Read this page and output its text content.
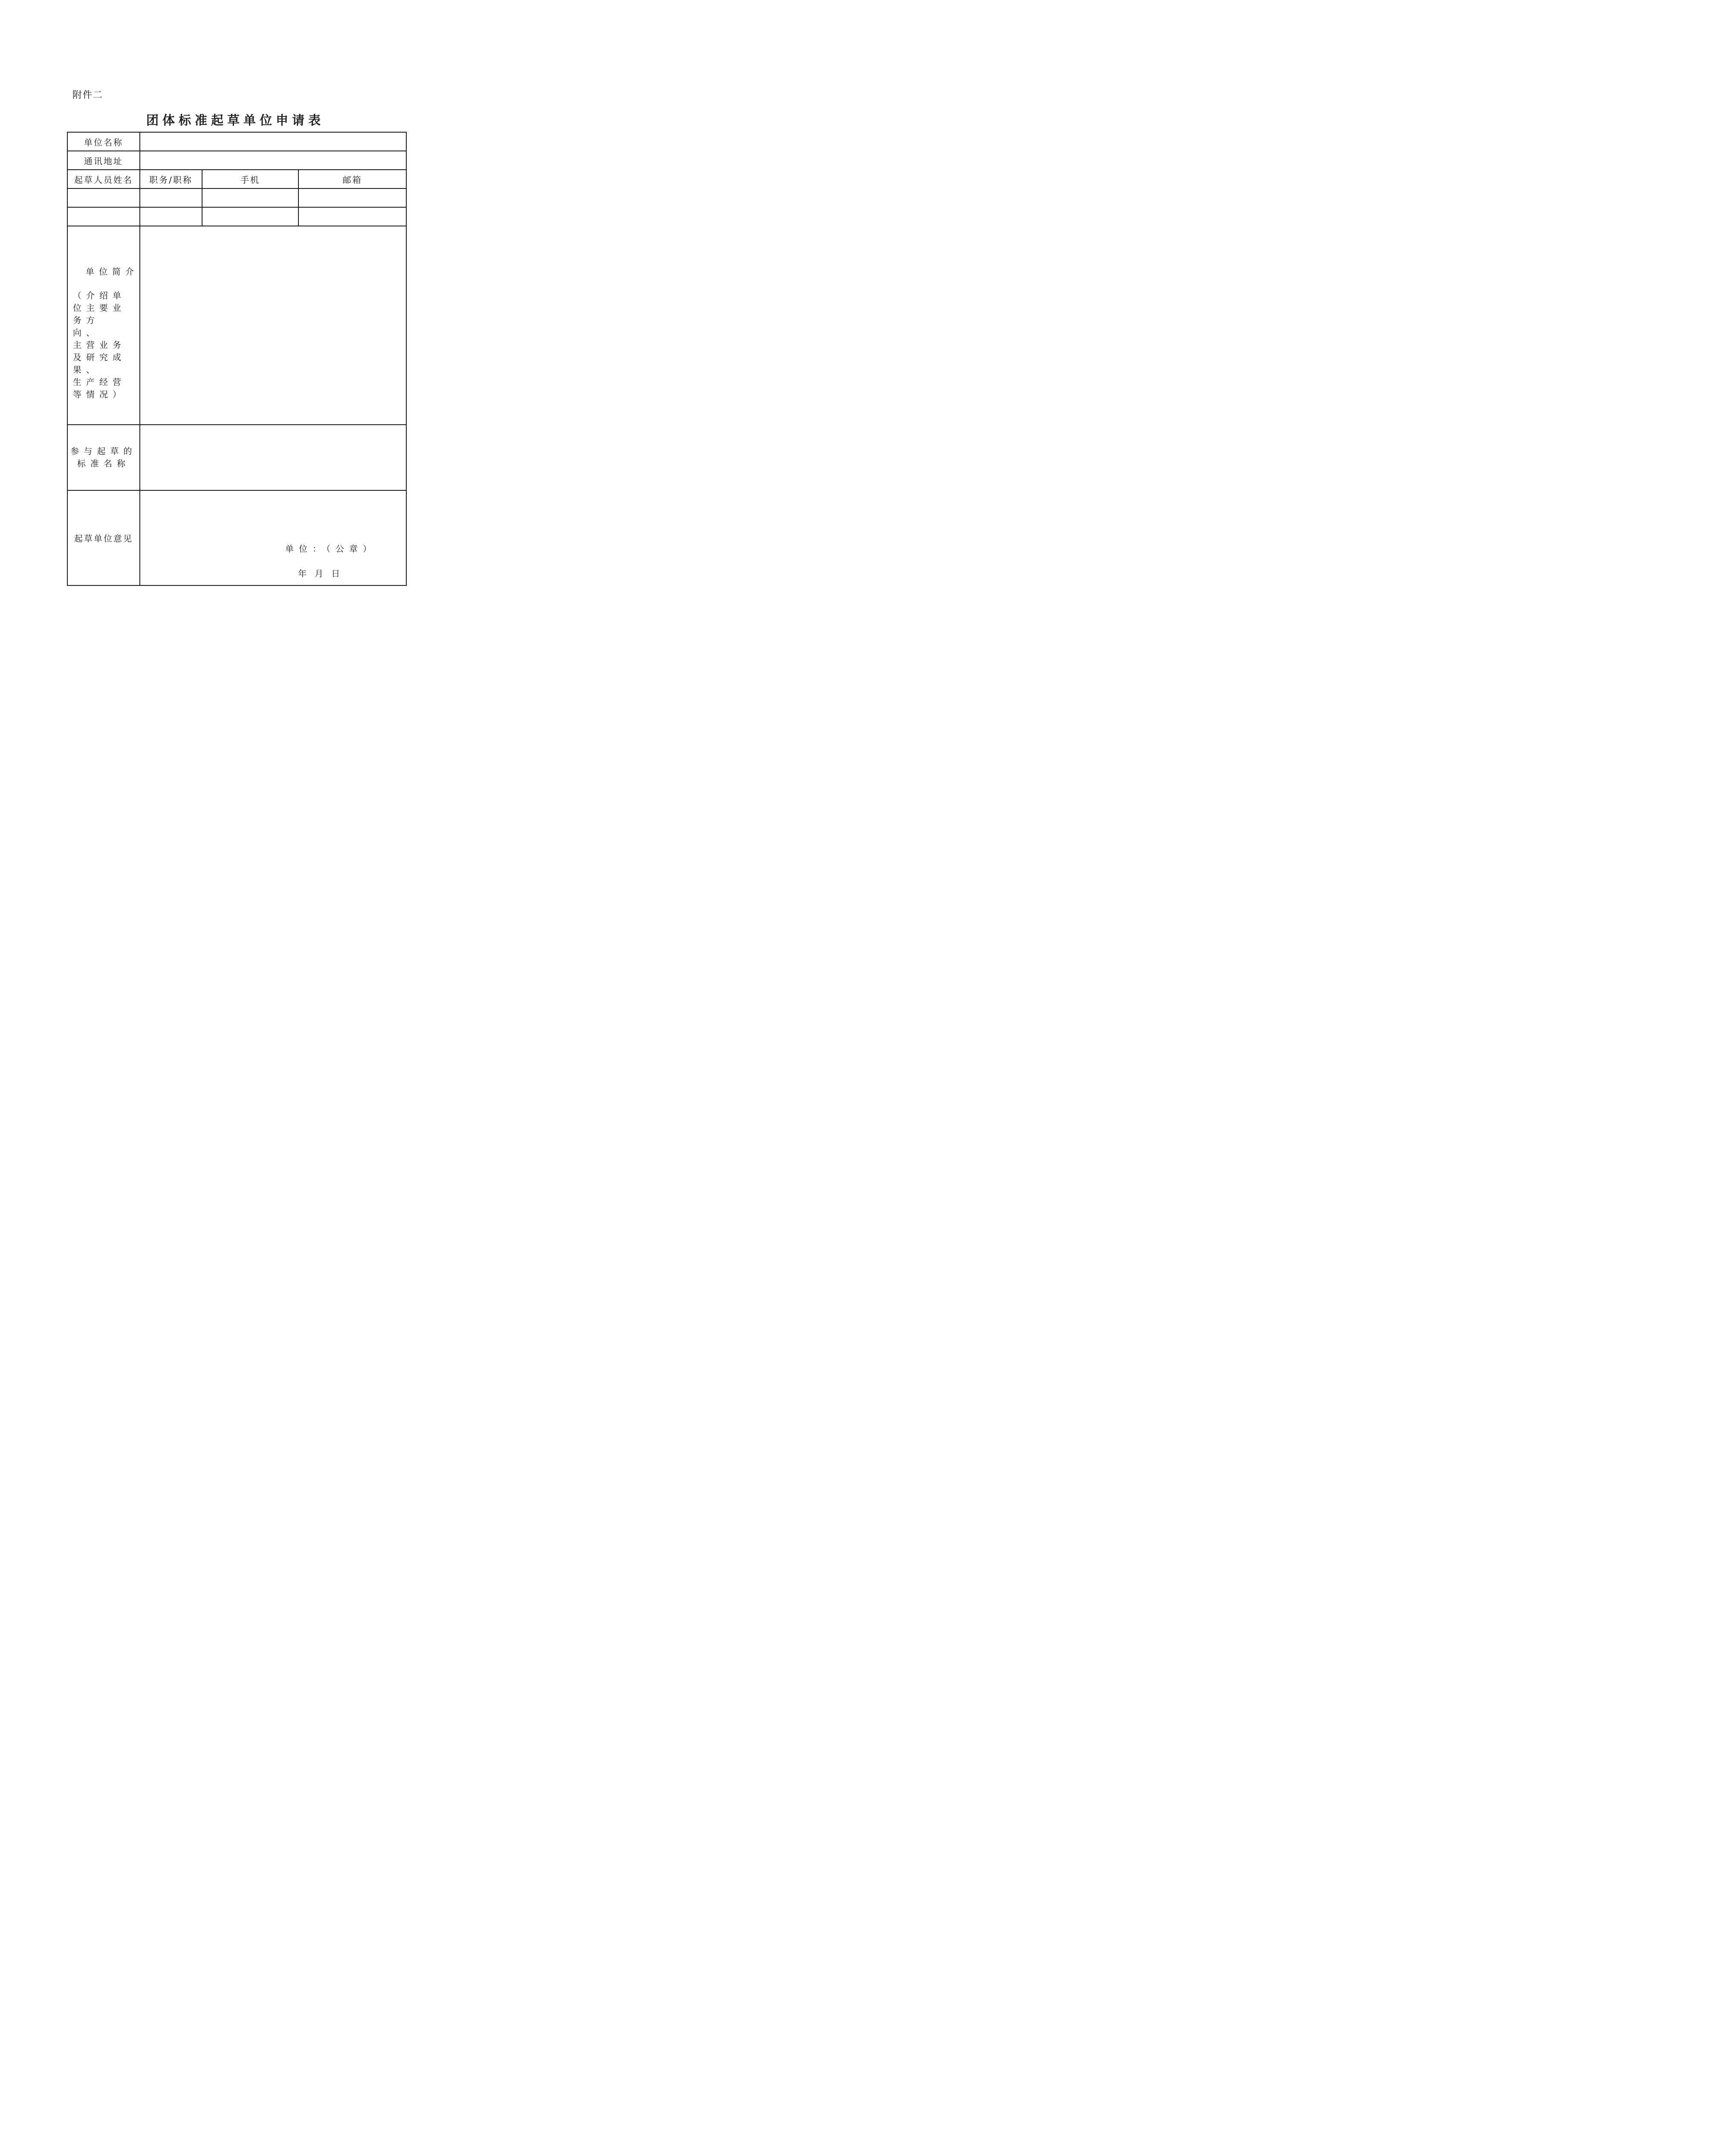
附件二
团体标准起草单位申请表
单位名称			
通讯地址			
起草人员姓名	职务/职称	手机	邮箱

单位简介
（介绍单位主要业务方
向、
主营业务及研究成果、
生产经营等情况）			

参与起草的
标准名称			

起草单位意见	单位：（公章）
年   月   日		
